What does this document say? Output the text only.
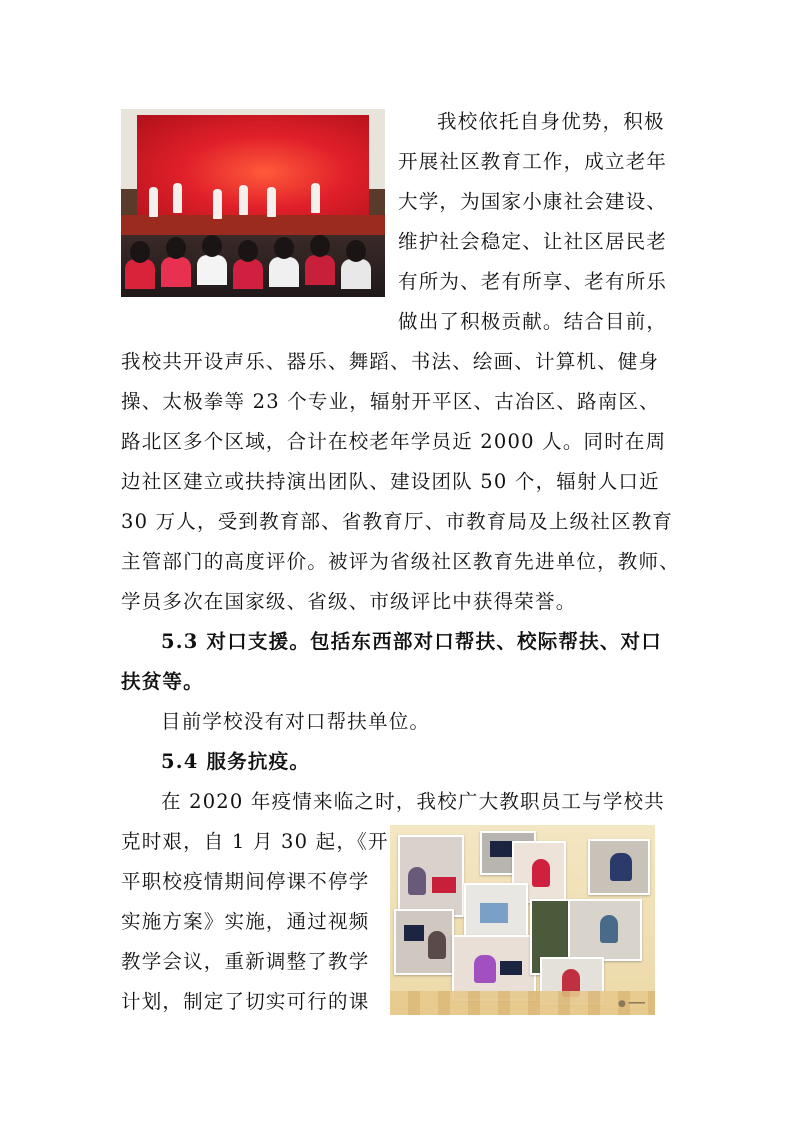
我校依托自身优势，积极
开展社区教育工作，成立老年
大学，为国家小康社会建设、
维护社会稳定、让社区居民老
有所为、老有所享、老有所乐
做出了积极贡献。结合目前，
我校共开设声乐、器乐、舞蹈、书法、绘画、计算机、健身
操、太极拳等 23 个专业，辐射开平区、古冶区、路南区、
路北区多个区域，合计在校老年学员近 2000 人。同时在周
边社区建立或扶持演出团队、建设团队 50 个，辐射人口近
30 万人，受到教育部、省教育厅、市教育局及上级社区教育
主管部门的高度评价。被评为省级社区教育先进单位，教师、
学员多次在国家级、省级、市级评比中获得荣誉。
5.3 对口支援。包括东西部对口帮扶、校际帮扶、对口
扶贫等。
目前学校没有对口帮扶单位。
5.4 服务抗疫。
在 2020 年疫情来临之时，我校广大教职员工与学校共
克时艰，自 1 月 30 起，《开
平职校疫情期间停课不停学
实施方案》实施，通过视频
教学会议，重新调整了教学
计划，制定了切实可行的课	● ━━━
